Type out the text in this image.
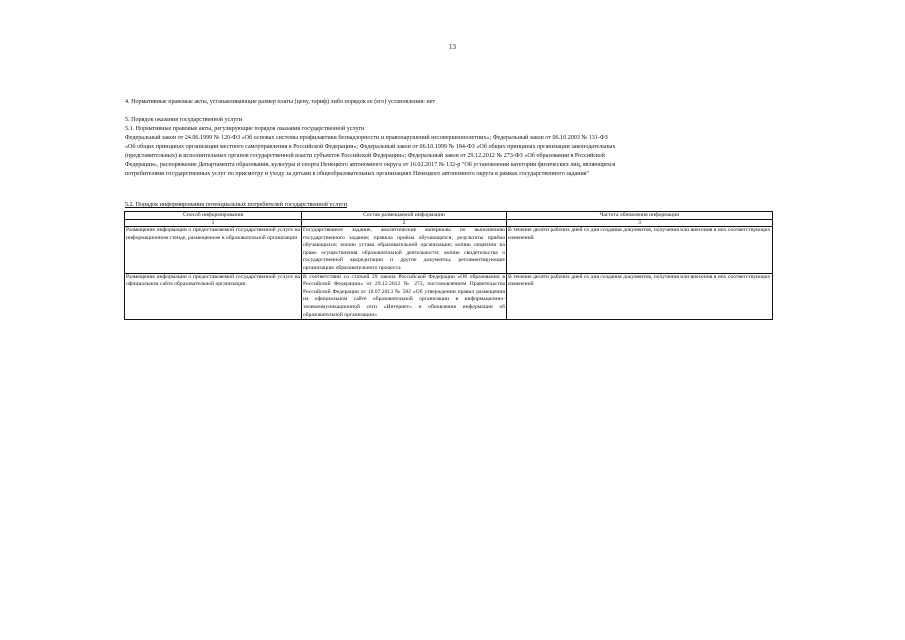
13
4. Нормативные правовые акты, устанавливающие размер платы (цену, тариф) либо порядок ее (его) установления: нет
5. Порядок оказания государственной услуги
5.1. Нормативные правовые акты, регулирующие порядок оказания государственной услуги
Федеральный закон от 24.06.1999 № 120-ФЗ «Об основах системы профилактики безнадзорности и правонарушений несовершеннолетних»; Федеральный закон от 06.10.2003 № 131-ФЗ
«Об общих принципах организации местного самоуправления в Российской Федерации»; Федеральный закон от 06.10.1999 № 184-ФЗ «Об общих принципах организации законодательных
(представительных) и исполнительных органов государственной власти субъектов Российской Федерации»; Федеральный закон от 29.12.2012 № 273-ФЗ «Об образовании в Российской
Федерации», распоряжение Департамента образования, культуры и спорта Ненецкого автономного округа от 16.02.2017 № 132-р "Об установлении категории физических лиц, являющихся
потребителями государственных услуг по присмотру и уходу за детьми в общеобразовательных организациях Ненецкого автономного округа в рамках государственного задания"
5.2. Порядок информирования потенциальных потребителей государственной услуги
Способ информирования	Состав размещаемой информации	Частота обновления информации
1	2	3
Размещение информации о предоставляемой государственной услуге на информационном стенде, размещенном в образовательной организации	Государственное задание, аналитические материалы по выполнению государственного задания; правила приёма обучающихся; результаты приёма обучающихся; копию устава образовательной организации; копию лицензии на право осуществления образовательной деятельности; копию свидетельства о государственной аккредитации и другие документы, регламентирующие организацию образовательного процесса	В течение десяти рабочих дней со дня создания документов, получения или внесения в них соответствующих изменений
Размещение информации о предоставляемой государственной услуге на официальном сайте образовательной организации	В соответствии со статьей 29 закона Российской Федерации «Об образовании в Российской Федерации» от 29.12.2012 № 273, постановлением Правительства Российской Федерации от 10.07.2013 № 582 «Об утверждении правил размещения на официальном сайте образовательной организации в информационно-телекоммуникационной сети «Интернет» и обновления информации об образовательной организации»	В течение десяти рабочих дней со дня создания документов, получения или внесения в них соответствующих изменений
